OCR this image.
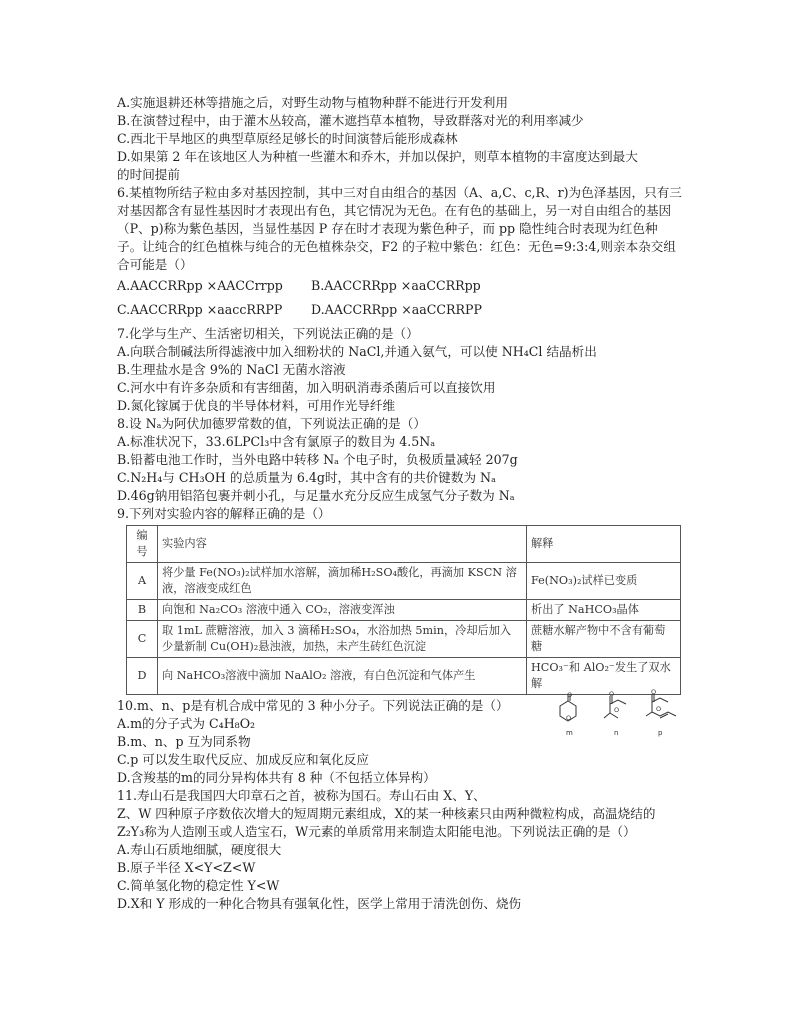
A.实施退耕还林等措施之后，对野生动物与植物种群不能进行开发利用
B.在演替过程中，由于灌木丛较高，灌木遮挡草本植物，导致群落对光的利用率减少
C.西北干旱地区的典型草原经足够长的时间演替后能形成森林
D.如果第 2 年在该地区人为种植一些灌木和乔木，并加以保护，则草本植物的丰富度达到最大
的时间提前
6.某植物所结子粒由多对基因控制，其中三对自由组合的基因（A、a,C、c,R、r)为色泽基因，只有三对基因都含有显性基因时才表现出有色，其它情况为无色。在有色的基础上，另一对自由组合的基因（P、p)称为紫色基因，当显性基因 P 存在时才表现为紫色种子，而 pp 隐性纯合时表现为红色种子。让纯合的红色植株与纯合的无色植株杂交，F2 的子粒中紫色：红色：无色=9:3:4,则亲本杂交组合可能是（）
A.AACCRRpp ×AACCrrpp	B.AACCRRpp ×aaCCRRpp
C.AACCRRpp ×aaccRRPP	D.AACCRRpp ×aaCCRRPP
7.化学与生产、生活密切相关，下列说法正确的是（）
A.向联合制碱法所得滤液中加入细粉状的 NaCl,并通入氨气，可以使 NH₄Cl 结晶析出
B.生理盐水是含 9%的 NaCl 无菌水溶液
C.河水中有许多杂质和有害细菌，加入明矾消毒杀菌后可以直接饮用
D.氮化镓属于优良的半导体材料，可用作光导纤维
8.设 Nₐ为阿伏加德罗常数的值，下列说法正确的是（）
A.标准状况下，33.6LPCl₃中含有氯原子的数目为 4.5Nₐ
B.铅蓄电池工作时，当外电路中转移 Nₐ 个电子时，负极质量减轻 207g
C.N₂H₄与 CH₃OH 的总质量为 6.4g时，其中含有的共价键数为 Nₐ
D.46g钠用铝箔包裹并刺小孔，与足量水充分反应生成氢气分子数为 Nₐ
9.下列对实验内容的解释正确的是（）
编号	实验内容	解释
A	将少量 Fe(NO₃)₂试样加水溶解，滴加稀H₂SO₄酸化，再滴加 KSCN 溶液，溶液变成红色	Fe(NO₃)₂试样已变质
B	向饱和 Na₂CO₃ 溶液中通入 CO₂，溶液变浑浊	析出了 NaHCO₃晶体
C	取 1mL 蔗糖溶液，加入 3 滴稀H₂SO₄，水浴加热 5min，冷却后加入少量新制 Cu(OH)₂悬浊液，加热，未产生砖红色沉淀	蔗糖水解产物中不含有葡萄糖
D	向 NaHCO₃溶液中滴加 NaAlO₂ 溶液，有白色沉淀和气体产生	HCO₃⁻和 AlO₂⁻发生了双水解
10.m、n、p是有机合成中常见的 3 种小分子。下列说法正确的是（）
A.m的分子式为 C₄H₈O₂
B.m、n、p 互为同系物
C.p 可以发生取代反应、加成反应和氧化反应
D.含羧基的m的同分异构体共有 8 种（不包括立体异构）
11.寿山石是我国四大印章石之首，被称为国石。寿山石由 X、Y、
Z、W 四种原子序数依次增大的短周期元素组成，X的某一种核素只由两种微粒构成，高温烧结的 Z₂Y₃称为人造刚玉或人造宝石，W元素的单质常用来制造太阳能电池。下列说法正确的是（）
A.寿山石质地细腻，硬度很大
B.原子半径 X<Y<Z<W
C.简单氢化物的稳定性 Y<W
D.X和 Y 形成的一种化合物具有强氧化性，医学上常用于清洗创伤、烧伤
O
O
O
O
O
O
m	n	p
